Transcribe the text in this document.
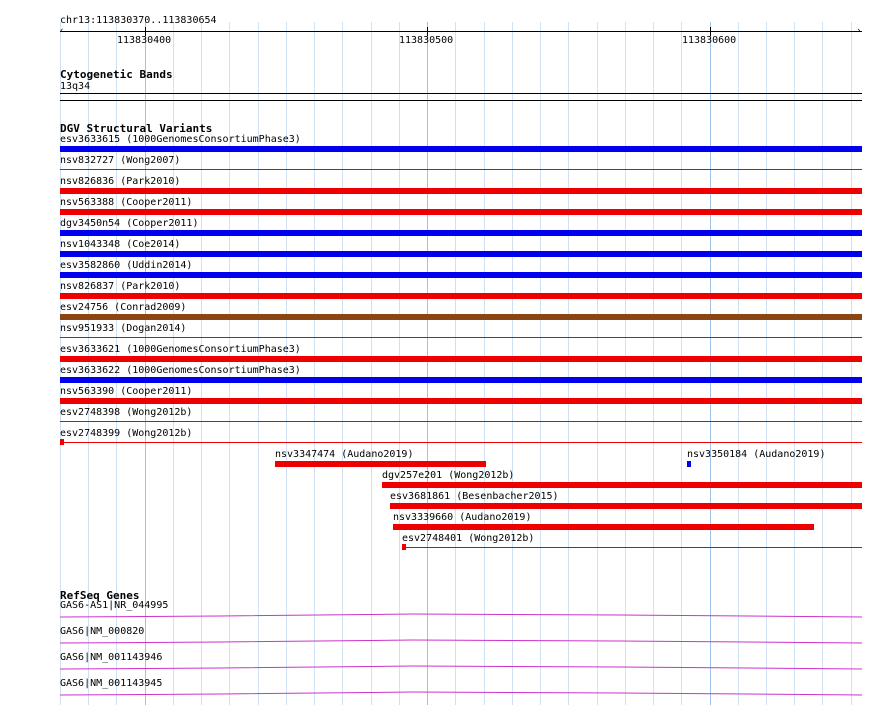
chr13:113830370..113830654
‹	›
113830400	113830500	113830600
Cytogenetic Bands
13q34
DGV Structural Variants
esv3633615 (1000GenomesConsortiumPhase3)
nsv832727 (Wong2007)
nsv826836 (Park2010)
nsv563388 (Cooper2011)
dgv3450n54 (Cooper2011)
nsv1043348 (Coe2014)
esv3582860 (Uddin2014)
nsv826837 (Park2010)
esv24756 (Conrad2009)
nsv951933 (Dogan2014)
esv3633621 (1000GenomesConsortiumPhase3)
esv3633622 (1000GenomesConsortiumPhase3)
nsv563390 (Cooper2011)
esv2748398 (Wong2012b)
esv2748399 (Wong2012b)
nsv3347474 (Audano2019)	nsv3350184 (Audano2019)
dgv257e201 (Wong2012b)
esv3681861 (Besenbacher2015)
nsv3339660 (Audano2019)
esv2748401 (Wong2012b)
RefSeq Genes
GAS6-AS1|NR_044995
GAS6|NM_000820
GAS6|NM_001143946
GAS6|NM_001143945
